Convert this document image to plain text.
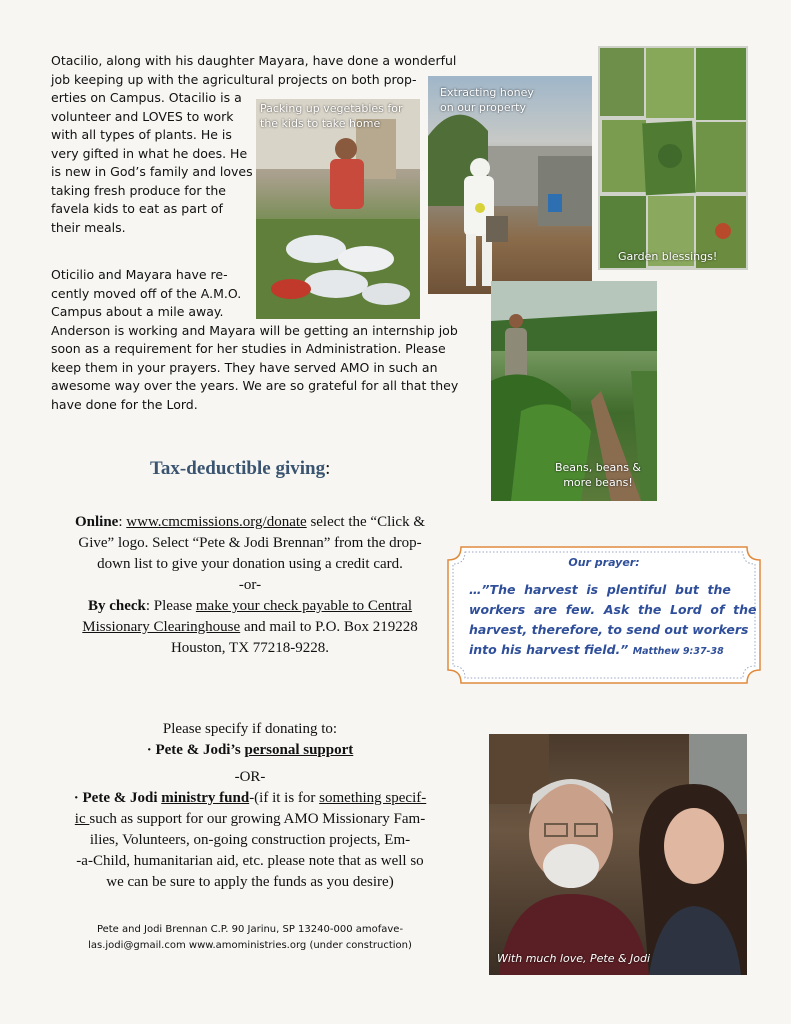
Otacilio, along with his daughter Mayara, have done a wonderful
job keeping up with the agricultural projects on both prop-
erties on Campus. Otacilio is a
volunteer and LOVES to work
with all types of plants. He is
very gifted in what he does. He
is new in God’s family and loves
taking fresh produce for the
favela kids to eat as part of
their meals.
Oticilio and Mayara have re-
cently moved off of the A.M.O.
Campus about a mile away.
Anderson is working and Mayara will be getting an internship job
soon as a requirement for her studies in Administration. Please
keep them in your prayers. They have served AMO in such an
awesome way over the years. We are so grateful for all that they
have done for the Lord.
Packing up vegetables for the kids to take home
Extracting honey on our property
Garden blessings!
Beans, beans & more beans!
Tax-deductible giving:
Online: www.cmcmissions.org/donate select the “Click &
Give” logo. Select “Pete & Jodi Brennan” from the drop-
down list to give your donation using a credit card.
-or-
By check: Please make your check payable to Central
Missionary Clearinghouse and mail to P.O. Box 219228
Houston, TX 77218-9228.
Our prayer:
…”The  harvest  is  plentiful  but  the
workers  are  few.  Ask  the  Lord  of  the
harvest, therefore, to send out workers
into his harvest field.” Matthew 9:37-38
Please specify if donating to:
· Pete & Jodi’s personal support
-OR-
· Pete & Jodi ministry fund-(if it is for something specif-
ic such as support for our growing AMO Missionary Fam-
ilies, Volunteers, on-going construction projects, Em-
-a-Child, humanitarian aid, etc. please note that as well so
we can be sure to apply the funds as you desire)
Pete and Jodi Brennan C.P. 90 Jarinu, SP 13240-000 amofave-
las.jodi@gmail.com www.amoministries.org (under construction)
With much love, Pete & Jodi
